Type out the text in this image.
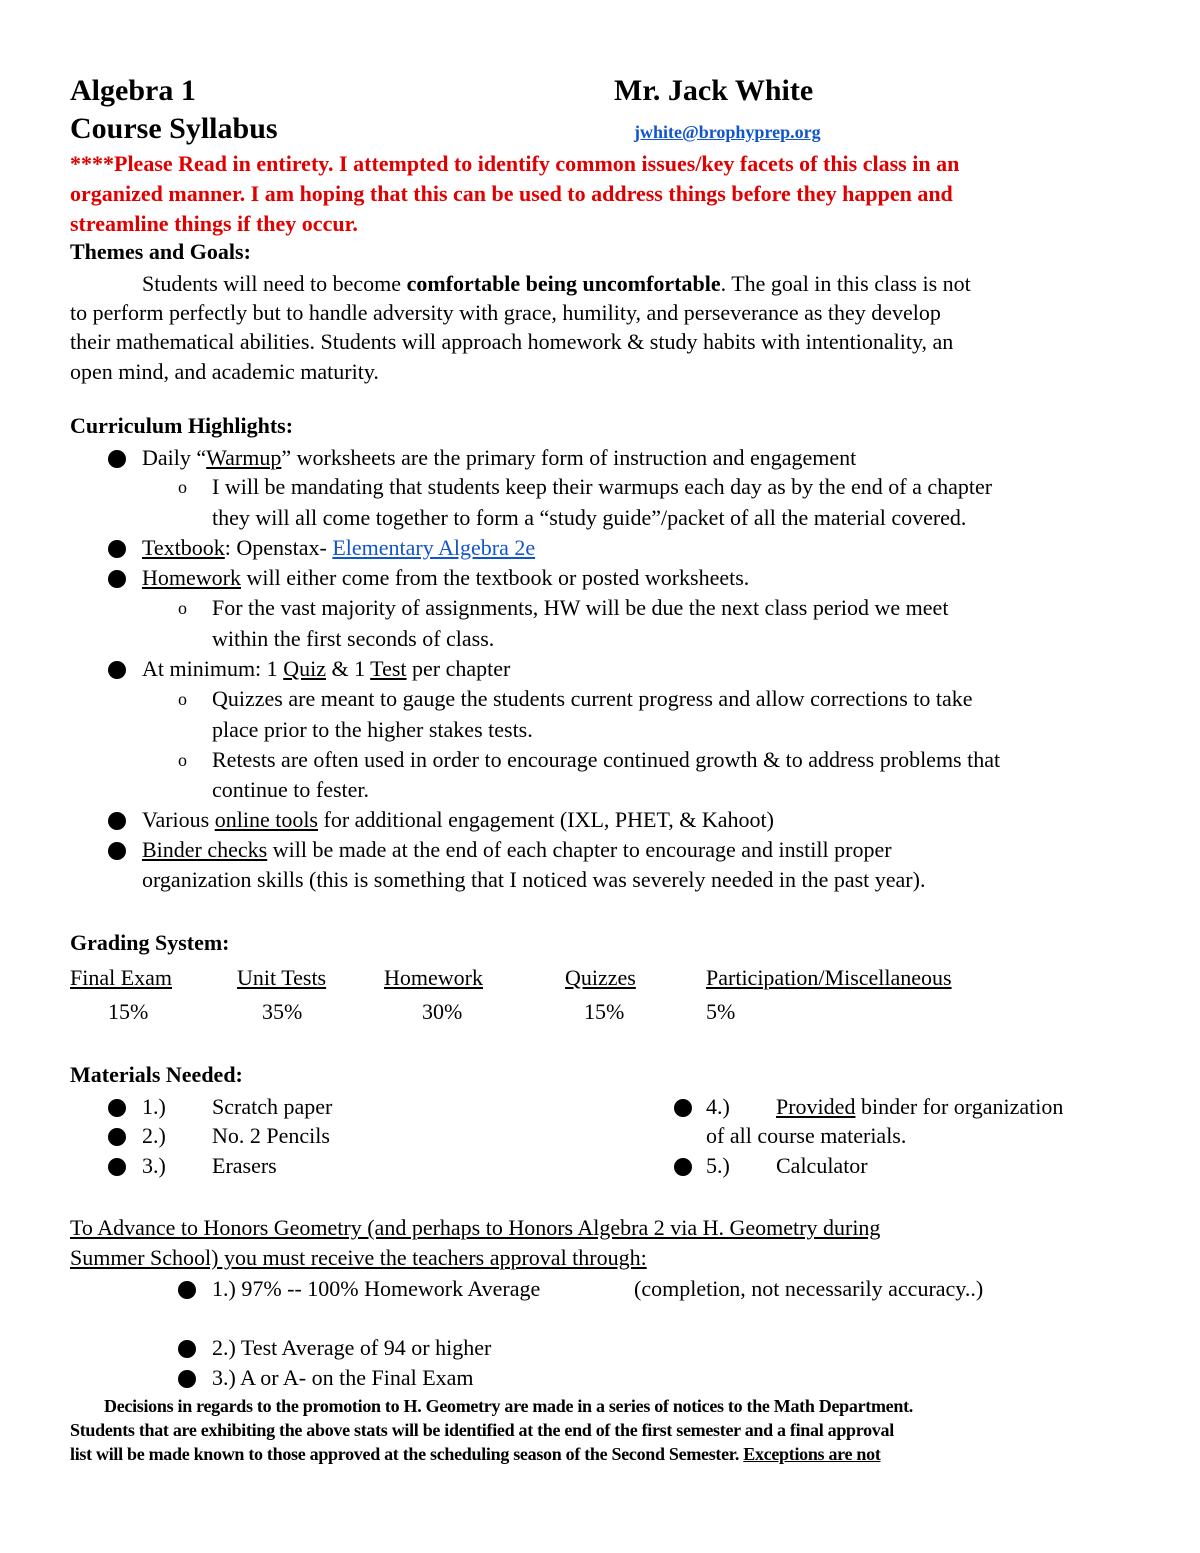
Algebra 1	Mr. Jack White
Course Syllabus	jwhite@brophyprep.org
****Please Read in entirety. I attempted to identify common issues/key facets of this class in an
organized manner. I am hoping that this can be used to address things before they happen and
streamline things if they occur.
Themes and Goals:
Students will need to become comfortable being uncomfortable. The goal in this class is not
to perform perfectly but to handle adversity with grace, humility, and perseverance as they develop
their mathematical abilities. Students will approach homework & study habits with intentionality, an
open mind, and academic maturity.
Curriculum Highlights:
Daily “Warmup” worksheets are the primary form of instruction and engagement
o I will be mandating that students keep their warmups each day as by the end of a chapter
they will all come together to form a “study guide”/packet of all the material covered.
Textbook: Openstax- Elementary Algebra 2e
Homework will either come from the textbook or posted worksheets.
o For the vast majority of assignments, HW will be due the next class period we meet
within the first seconds of class.
At minimum: 1 Quiz & 1 Test per chapter
o Quizzes are meant to gauge the students current progress and allow corrections to take
place prior to the higher stakes tests.
o Retests are often used in order to encourage continued growth & to address problems that
continue to fester.
Various online tools for additional engagement (IXL, PHET, & Kahoot)
Binder checks will be made at the end of each chapter to encourage and instill proper
organization skills (this is something that I noticed was severely needed in the past year).
Grading System:
Final Exam	Unit Tests	Homework	Quizzes	Participation/Miscellaneous
15%	35%	30%	15%	5%
Materials Needed:
1.) Scratch paper
2.) No. 2 Pencils
3.) Erasers
4.) Provided binder for organization
of all course materials.
5.) Calculator
To Advance to Honors Geometry (and perhaps to Honors Algebra 2 via H. Geometry during
Summer School) you must receive the teachers approval through:
1.) 97% -- 100% Homework Average	(completion, not necessarily accuracy..)
2.) Test Average of 94 or higher
3.) A or A- on the Final Exam
Decisions in regards to the promotion to H. Geometry are made in a series of notices to the Math Department.
Students that are exhibiting the above stats will be identified at the end of the first semester and a final approval
list will be made known to those approved at the scheduling season of the Second Semester. Exceptions are not
